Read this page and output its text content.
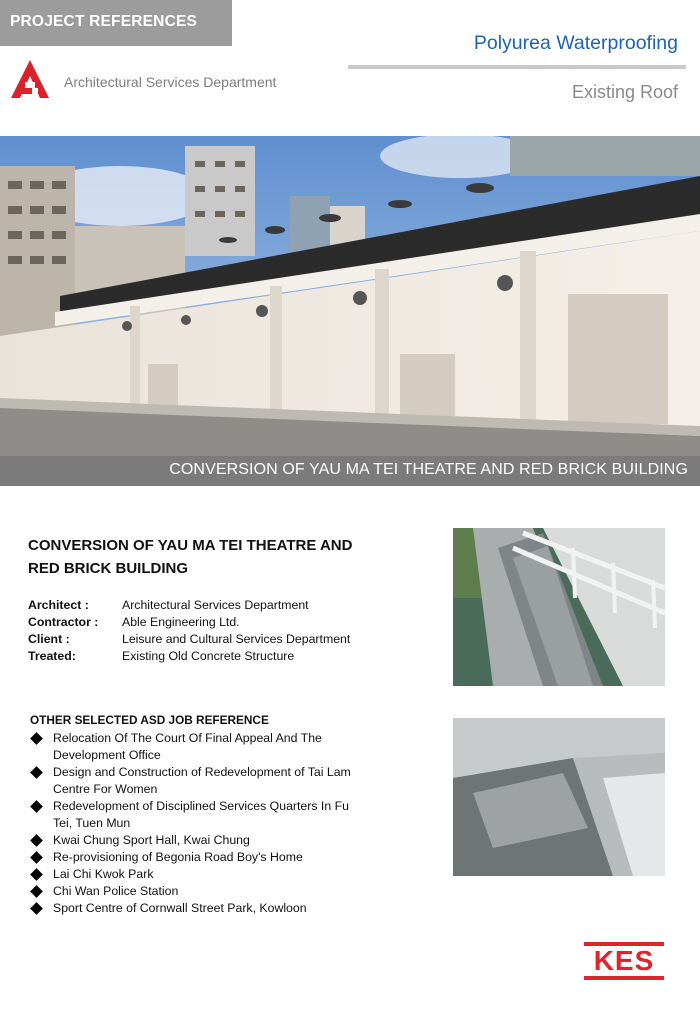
PROJECT REFERENCES
Polyurea Waterproofing
Architectural Services Department	Existing Roof
CONVERSION OF YAU MA TEI THEATRE AND RED BRICK BUILDING
CONVERSION OF YAU MA TEI THEATRE AND RED BRICK BUILDING
Architect :	Architectural Services Department
Contractor :	Able Engineering Ltd.
Client :	Leisure and Cultural Services Department
Treated:	Existing Old Concrete Structure
OTHER SELECTED ASD JOB REFERENCE
Relocation Of The Court Of Final Appeal And The Development Office
Design and Construction of Redevelopment of Tai Lam Centre For Women
Redevelopment of Disciplined Services Quarters In Fu Tei, Tuen Mun
Kwai Chung Sport Hall, Kwai Chung
Re-provisioning of Begonia Road Boy's Home
Lai Chi Kwok Park
Chi Wan Police Station
Sport Centre of Cornwall Street Park, Kowloon
KES
